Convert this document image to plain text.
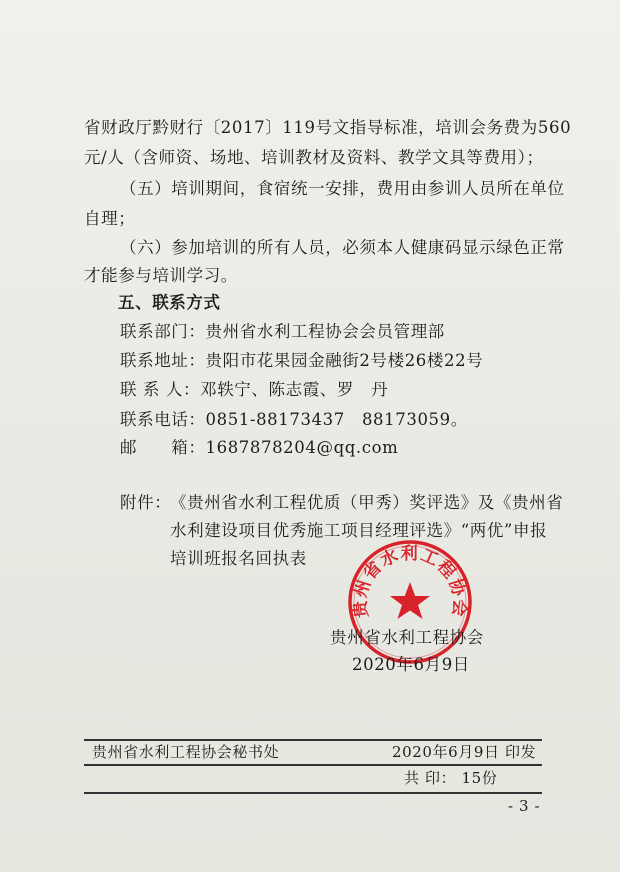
省财政厅黔财行〔2017〕119号文指导标准，培训会务费为560
元/人（含师资、场地、培训教材及资料、教学文具等费用）；
（五）培训期间，食宿统一安排，费用由参训人员所在单位
自理；
（六）参加培训的所有人员，必须本人健康码显示绿色正常
才能参与培训学习。
五、联系方式
联系部门：贵州省水利工程协会会员管理部
联系地址：贵阳市花果园金融街2号楼26楼22号
联 系 人：邓轶宁、陈志霞、罗　丹
联系电话：0851-88173437　88173059。
邮　　箱：1687878204@qq.com
附件：
《贵州省水利工程优质（甲秀）奖评选》及《贵州省
水利建设项目优秀施工项目经理评选》“两优”申报
培训班报名回执表
贵州省水利工程协会
贵州省水利工程协会
2020年6月9日
贵州省水利工程协会秘书处	2020年6月9日 印发
共 印： 15份
- 3 -
